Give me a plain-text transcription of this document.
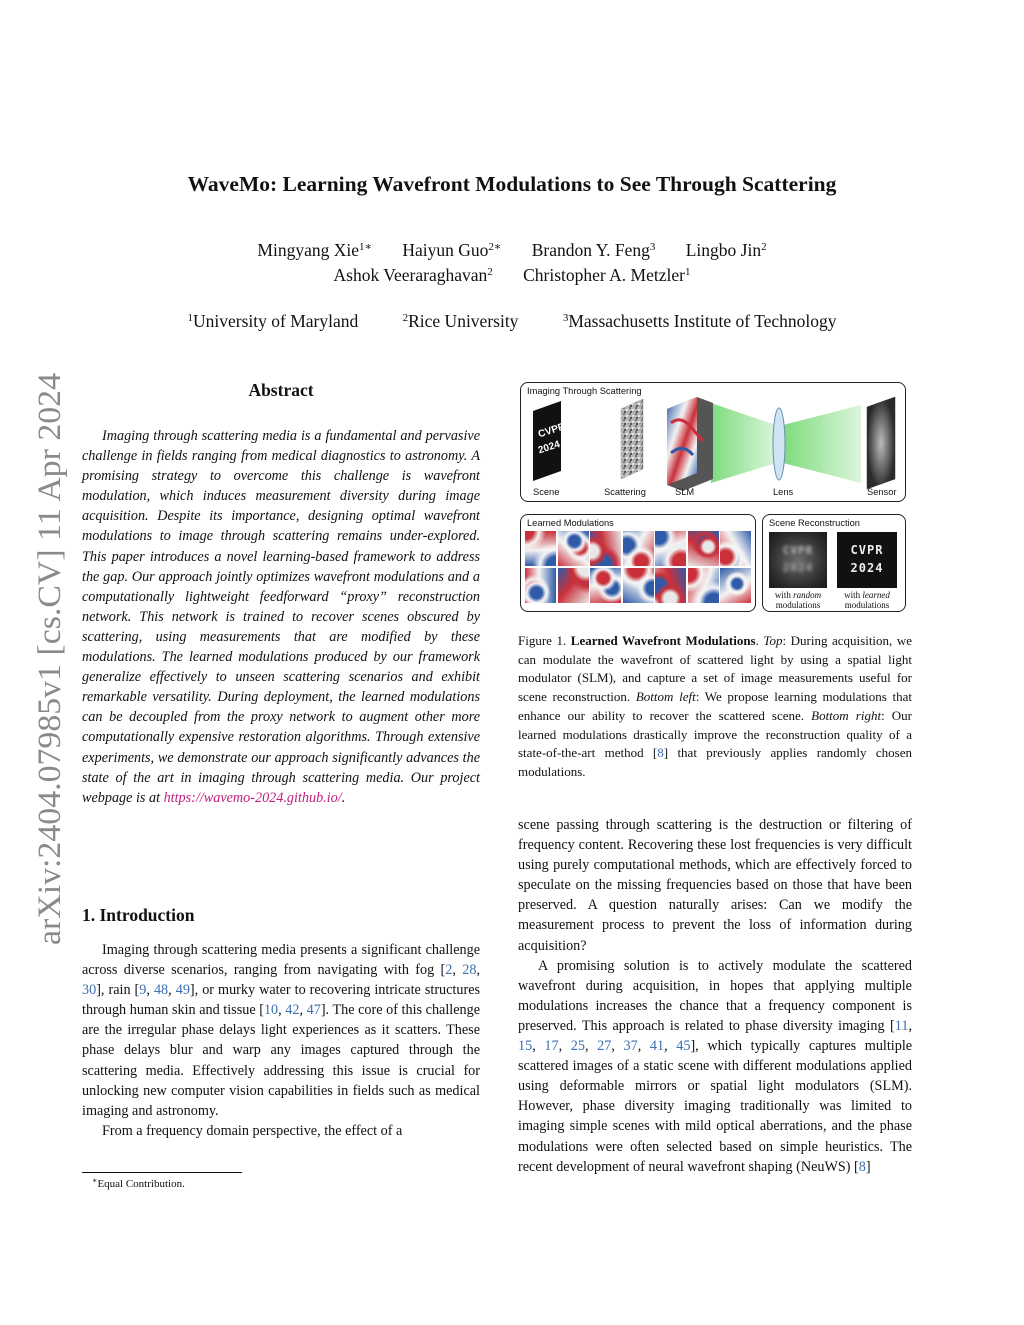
WaveMo: Learning Wavefront Modulations to See Through Scattering
Mingyang Xie$^{1∗}$ Haiyun Guo$^{2∗}$ Brandon Y. Feng$^3$ Lingbo Jin$^2$
Ashok Veeraraghavan$^2$ Christopher A. Metzler$^1$
$^1$University of Maryland	$^2$Rice University	$^3$Massachusetts Institute of Technology
arXiv:2404.07985v1 [cs.CV] 11 Apr 2024	Abstract

Imaging through scattering media is a fundamental and pervasive challenge in fields ranging from medical diagnostics to astronomy. A promising strategy to overcome this challenge is wavefront modulation, which induces measurement diversity during image acquisition. Despite its importance, designing optimal wavefront modulations to image through scattering remains under-explored. This paper introduces a novel learning-based framework to address the gap. Our approach jointly optimizes wavefront modulations and a computationally lightweight feedforward “proxy” reconstruction network. This network is trained to recover scenes obscured by scattering, using measurements that are modified by these modulations. The learned modulations produced by our framework generalize effectively to unseen scattering scenarios and exhibit remarkable versatility. During deployment, the learned modulations can be decoupled from the proxy network to augment other more computationally expensive restoration algorithms. Through extensive experiments, we demonstrate our approach significantly advances the state of the art in imaging through scattering media. Our project webpage is at https://wavemo-2024.github.io/.

1. Introduction

Imaging through scattering media presents a significant challenge across diverse scenarios, ranging from navigating with fog [2, 28, 30], rain [9, 48, 49], or murky water to recovering intricate structures through human skin and tissue [10, 42, 47]. The core of this challenge are the irregular phase delays light experiences as it scatters. These phase delays blur and warp any images captured through the scattering media. Effectively addressing this issue is crucial for unlocking new computer vision capabilities in fields such as medical imaging and astronomy.

From a frequency domain perspective, the effect of a

∗Equal Contribution.
Imaging Through Scattering
CVPR
2024
Scene	Scattering	SLM	Lens	Sensor
Learned Modulations	Scene Reconstruction
CVPR
2024
CVPR
2024
with random
modulations
with learned
modulations
Figure 1. Learned Wavefront Modulations. Top: During acquisition, we can modulate the wavefront of scattered light by using a spatial light modulator (SLM), and capture a set of image measurements useful for scene reconstruction. Bottom left: We propose learning modulations that enhance our ability to recover the scattered scene. Bottom right: Our learned modulations drastically improve the reconstruction quality of a state-of-the-art method [8] that previously applies randomly chosen modulations.

scene passing through scattering is the destruction or filtering of frequency content. Recovering these lost frequencies is very difficult using purely computational methods, which are effectively forced to speculate on the missing frequencies based on those that have been preserved. A question naturally arises: Can we modify the measurement process to prevent the loss of information during acquisition?

A promising solution is to actively modulate the scattered wavefront during acquisition, in hopes that applying multiple modulations increases the chance that a frequency component is preserved. This approach is related to phase diversity imaging [11, 15, 17, 25, 27, 37, 41, 45], which typically captures multiple scattered images of a static scene with different modulations applied using deformable mirrors or spatial light modulators (SLM). However, phase diversity imaging traditionally was limited to imaging simple scenes with mild optical aberrations, and the phase modulations were often selected based on simple heuristics. The recent development of neural wavefront shaping (NeuWS) [8]
